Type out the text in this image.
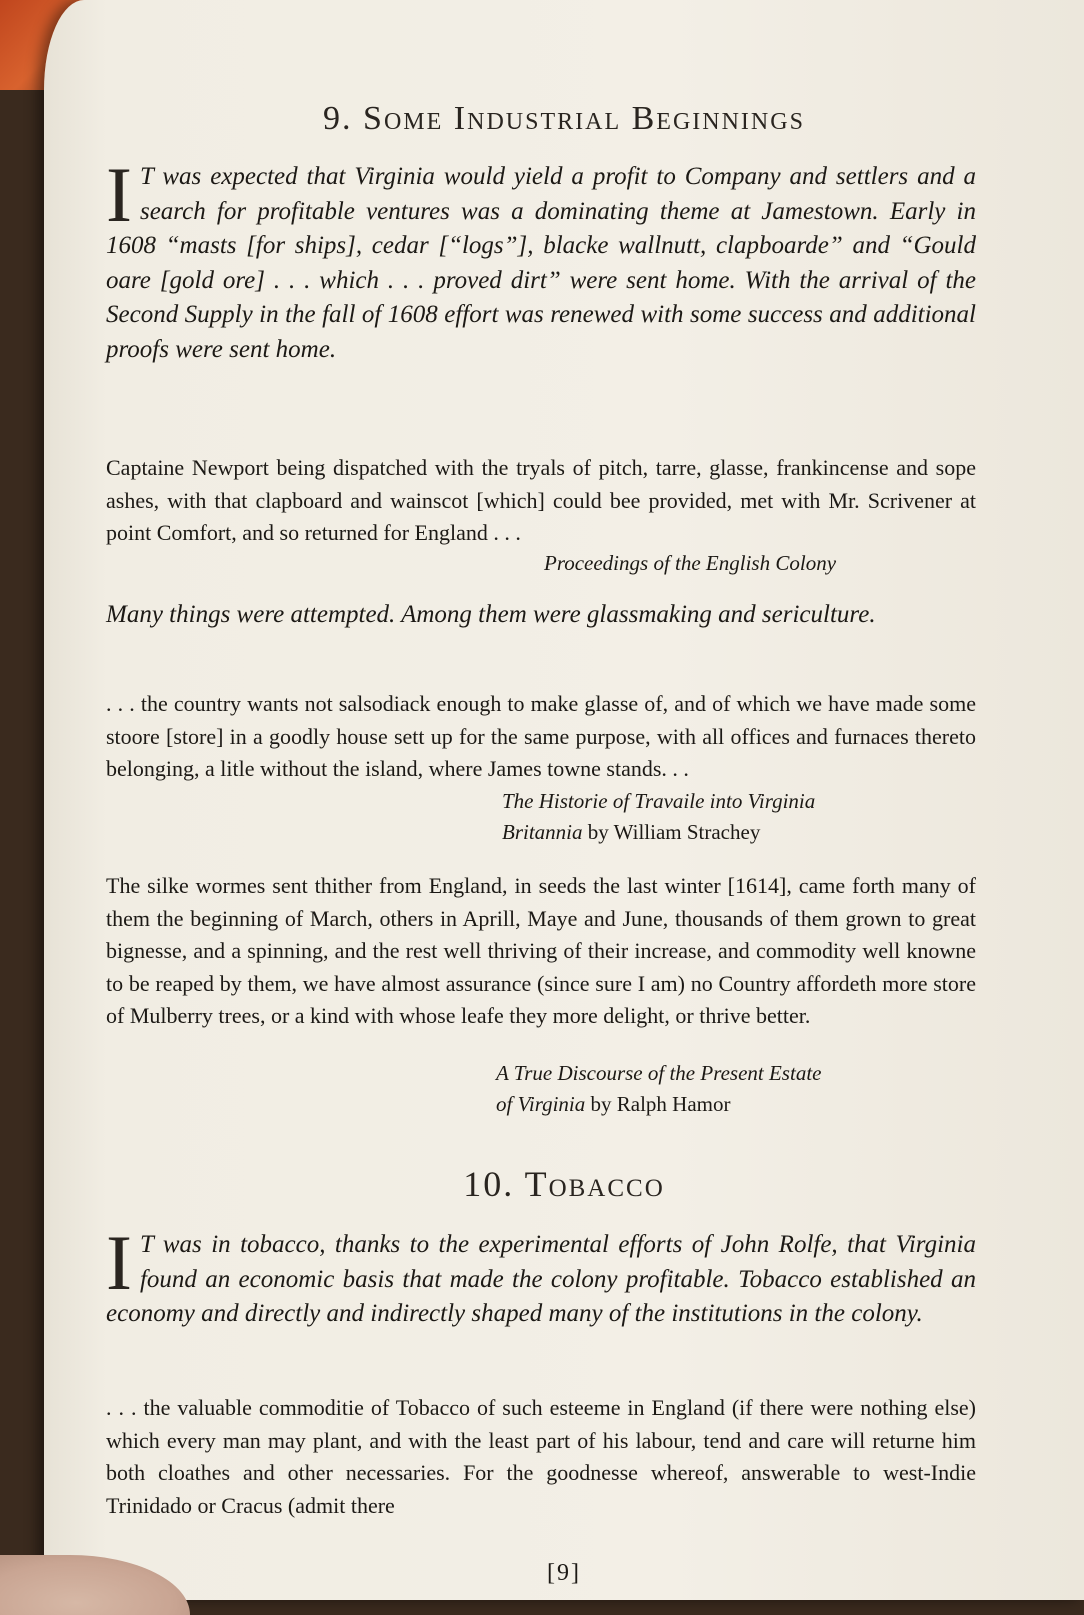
9. Some Industrial Beginnings
I T was expected that Virginia would yield a profit to Company and settlers and a search for profitable ventures was a dominating theme at Jamestown. Early in 1608 “masts [for ships], cedar [“logs”], blacke wallnutt, clapboarde” and “Gould oare [gold ore] . . . which . . . proved dirt” were sent home. With the arrival of the Second Supply in the fall of 1608 effort was renewed with some success and additional proofs were sent home.
Captaine Newport being dispatched with the tryals of pitch, tarre, glasse, frankincense and sope ashes, with that clapboard and wainscot [which] could bee provided, met with Mr. Scrivener at point Comfort, and so returned for England . . .
Proceedings of the English Colony
Many things were attempted. Among them were glassmaking and sericulture.
. . . the country wants not salsodiack enough to make glasse of, and of which we have made some stoore [store] in a goodly house sett up for the same purpose, with all offices and furnaces thereto belonging, a litle without the island, where James towne stands. . .
The Historie of Travaile into Virginia
Britannia by William Strachey
The silke wormes sent thither from England, in seeds the last winter [1614], came forth many of them the beginning of March, others in Aprill, Maye and June, thousands of them grown to great bignesse, and a spinning, and the rest well thriving of their increase, and commodity well knowne to be reaped by them, we have almost assurance (since sure I am) no Country affordeth more store of Mulberry trees, or a kind with whose leafe they more delight, or thrive better.
A True Discourse of the Present Estate
of Virginia by Ralph Hamor
10. Tobacco
I T was in tobacco, thanks to the experimental efforts of John Rolfe, that Virginia found an economic basis that made the colony profitable. Tobacco established an economy and directly and indirectly shaped many of the institutions in the colony.
. . . the valuable commoditie of Tobacco of such esteeme in England (if there were nothing else) which every man may plant, and with the least part of his labour, tend and care will returne him both cloathes and other necessaries. For the goodnesse whereof, answerable to west-Indie Trinidado or Cracus (admit there
[9]
